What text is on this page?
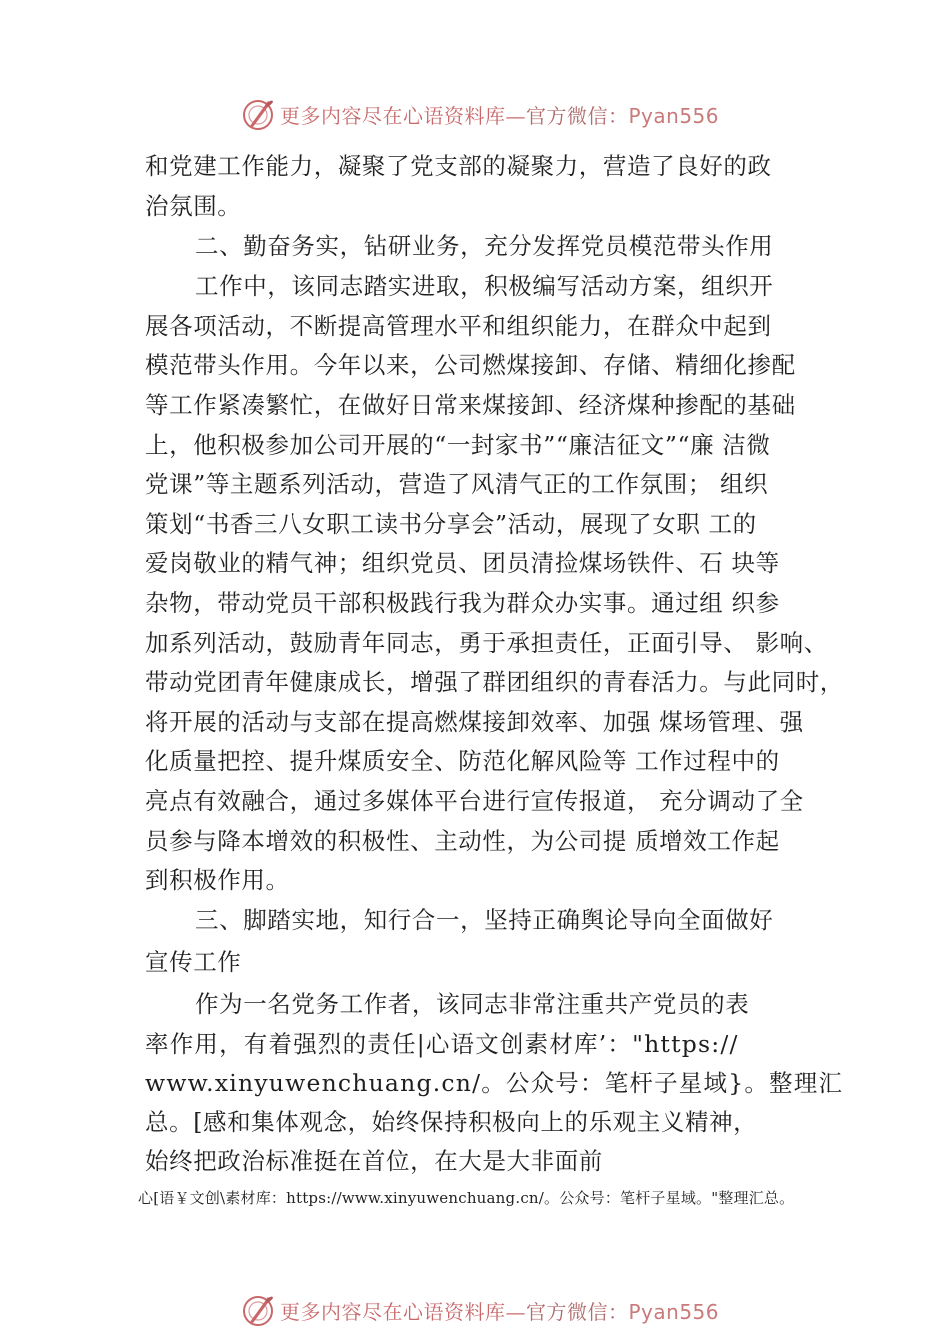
更多内容尽在心语资料库—官方微信：Pyan556
和党建工作能力，凝聚了党支部的凝聚力，营造了良好的政
治氛围。
二、勤奋务实，钻研业务，充分发挥党员模范带头作用
工作中，该同志踏实进取，积极编写活动方案，组织开
展各项活动，不断提高管理水平和组织能力，在群众中起到
模范带头作用。今年以来，公司燃煤接卸、存储、精细化掺配
等工作紧凑繁忙，在做好日常来煤接卸、经济煤种掺配的基础
上，他积极参加公司开展的“一封家书”“廉洁征文”“廉 洁微
党课”等主题系列活动，营造了风清气正的工作氛围； 组织
策划“书香三八女职工读书分享会”活动，展现了女职 工的
爱岗敬业的精气神；组织党员、团员清捡煤场铁件、石 块等
杂物，带动党员干部积极践行我为群众办实事。通过组 织参
加系列活动，鼓励青年同志，勇于承担责任，正面引导、 影响、
带动党团青年健康成长，增强了群团组织的青春活力。与此同时，
将开展的活动与支部在提高燃煤接卸效率、加强 煤场管理、强
化质量把控、提升煤质安全、防范化解风险等 工作过程中的
亮点有效融合，通过多媒体平台进行宣传报道， 充分调动了全
员参与降本增效的积极性、主动性，为公司提 质增效工作起
到积极作用。
三、脚踏实地，知行合一，坚持正确舆论导向全面做好
宣传工作
作为一名党务工作者，该同志非常注重共产党员的表
率作用，有着强烈的责任|心语文创素材库’："https://
www.xinyuwenchuang.cn/。公众号：笔杆子星域}。整理汇
总。[感和集体观念，始终保持积极向上的乐观主义精神，
始终把政治标准挺在首位，在大是大非面前
心[语￥文创\素材库：https://www.xinyuwenchuang.cn/。公众号：笔杆子星域。"整理汇总。
更多内容尽在心语资料库—官方微信：Pyan556
